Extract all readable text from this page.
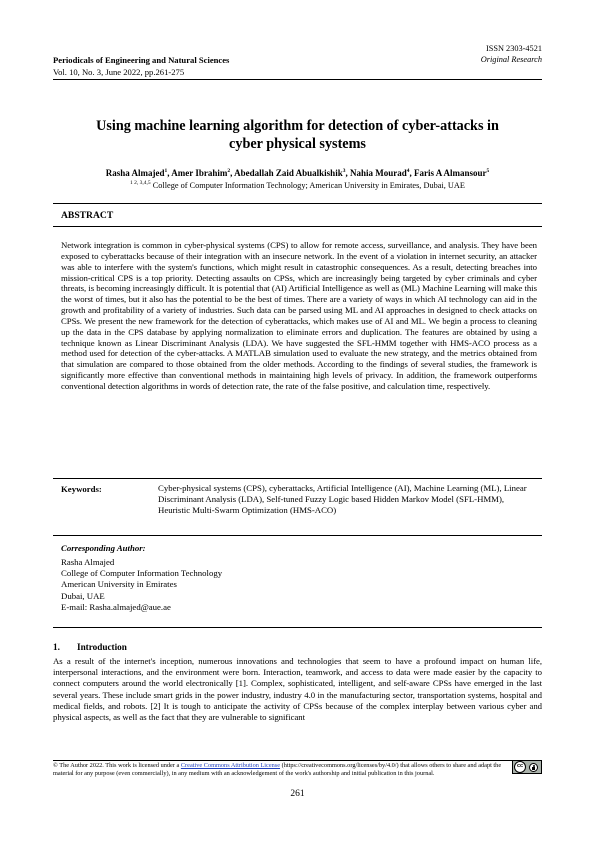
ISSN 2303-4521
Original Research
Periodicals of Engineering and Natural Sciences
Vol. 10, No. 3, June 2022, pp.261-275
Using machine learning algorithm for detection of cyber-attacks in
cyber physical systems
Rasha Almajed$^1$, Amer Ibrahim$^2$, Abedallah Zaid Abualkishik$^3$, Nahia Mourad$^4$, Faris A Almansour$^5$
$^{1 2, 3,4,5}$ College of Computer Information Technology; American University in Emirates, Dubai, UAE
ABSTRACT
Network integration is common in cyber-physical systems (CPS) to allow for remote access, surveillance, and analysis. They have been exposed to cyberattacks because of their integration with an insecure network. In the event of a violation in internet security, an attacker was able to interfere with the system's functions, which might result in catastrophic consequences. As a result, detecting breaches into mission-critical CPS is a top priority. Detecting assaults on CPSs, which are increasingly being targeted by cyber criminals and cyber threats, is becoming increasingly difficult. It is potential that (AI) Artificial Intelligence as well as (ML) Machine Learning will make this the worst of times, but it also has the potential to be the best of times. There are a variety of ways in which AI technology can aid in the growth and profitability of a variety of industries. Such data can be parsed using ML and AI approaches in designed to check attacks on CPSs. We present the new framework for the detection of cyberattacks, which makes use of AI and ML. We begin a process to cleaning up the data in the CPS database by applying normalization to eliminate errors and duplication. The features are obtained by using a technique known as Linear Discriminant Analysis (LDA). We have suggested the SFL-HMM together with HMS-ACO process as a method used for detection of the cyber-attacks. A MATLAB simulation used to evaluate the new strategy, and the metrics obtained from that simulation are compared to those obtained from the older methods. According to the findings of several studies, the framework is significantly more effective than conventional methods in maintaining high levels of privacy. In addition, the framework outperforms conventional detection algorithms in words of detection rate, the rate of the false positive, and calculation time, respectively.
Keywords:	Cyber-physical systems (CPS), cyberattacks, Artificial Intelligence (AI), Machine Learning (ML), Linear Discriminant Analysis (LDA), Self-tuned Fuzzy Logic based Hidden Markov Model (SFL-HMM), Heuristic Multi-Swarm Optimization (HMS-ACO)
Corresponding Author:
Rasha Almajed
College of Computer Information Technology
American University in Emirates
Dubai, UAE
E-mail: Rasha.almajed@aue.ae
1. Introduction
As a result of the internet's inception, numerous innovations and technologies that seem to have a profound impact on human life, interpersonal interactions, and the environment were born. Interaction, teamwork, and access to data were made easier by the capacity to connect computers around the world electronically [1]. Complex, sophisticated, intelligent, and self-aware CPSs have emerged in the last several years. These include smart grids in the power industry, industry 4.0 in the manufacturing sector, transportation systems, hospital and medical fields, and robots. [2] It is tough to anticipate the activity of CPSs because of the complex interplay between various cyber and physical aspects, as well as the fact that they are vulnerable to significant
© The Author 2022. This work is licensed under a Creative Commons Attribution License (https://creativecommons.org/licenses/by/4.0/) that allows others to share and adapt the material for any purpose (even commercially), in any medium with an acknowledgement of the work's authorship and initial publication in this journal.
cc
261
